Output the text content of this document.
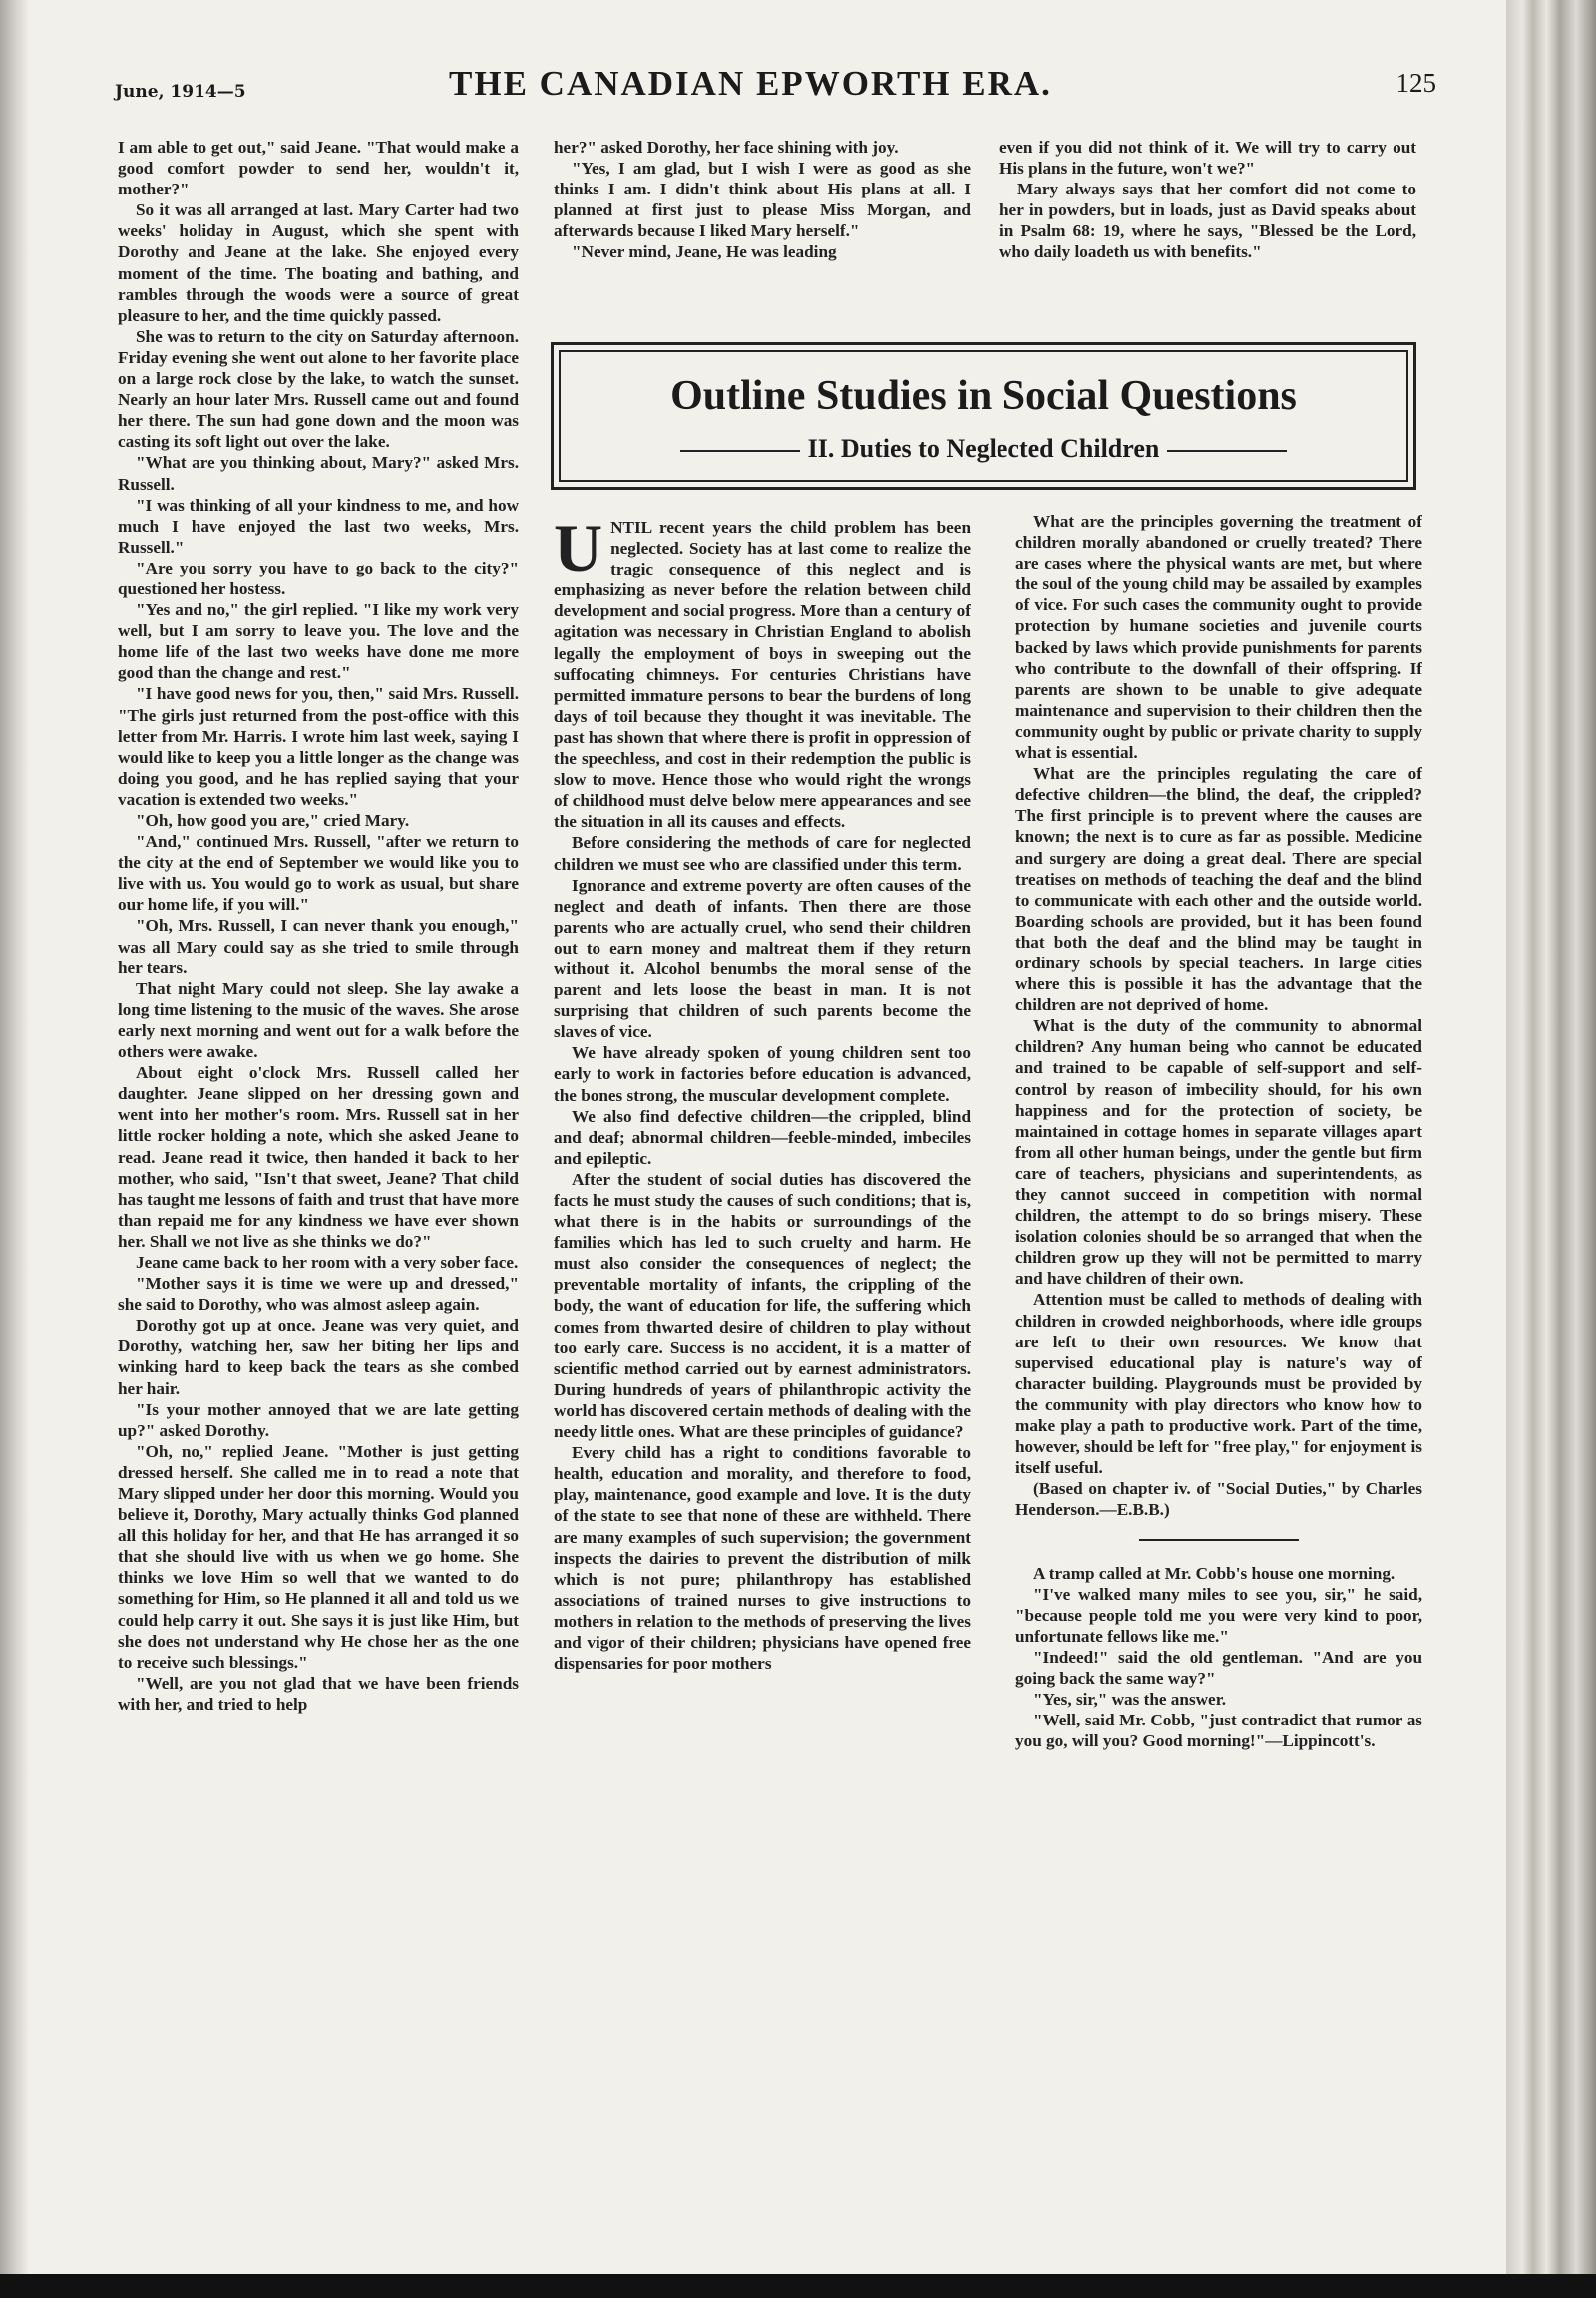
June, 1914—5	THE CANADIAN EPWORTH ERA.	125

I am able to get out," said Jeane. "That would make a good comfort powder to send her, wouldn't it, mother?"

So it was all arranged at last. Mary Carter had two weeks' holiday in August, which she spent with Dorothy and Jeane at the lake. She enjoyed every moment of the time. The boating and bathing, and rambles through the woods were a source of great pleasure to her, and the time quickly passed.

She was to return to the city on Saturday afternoon. Friday evening she went out alone to her favorite place on a large rock close by the lake, to watch the sunset. Nearly an hour later Mrs. Russell came out and found her there. The sun had gone down and the moon was casting its soft light out over the lake.

"What are you thinking about, Mary?" asked Mrs. Russell.

"I was thinking of all your kindness to me, and how much I have enjoyed the last two weeks, Mrs. Russell."

"Are you sorry you have to go back to the city?" questioned her hostess.

"Yes and no," the girl replied. "I like my work very well, but I am sorry to leave you. The love and the home life of the last two weeks have done me more good than the change and rest."

"I have good news for you, then," said Mrs. Russell. "The girls just returned from the post-office with this letter from Mr. Harris. I wrote him last week, saying I would like to keep you a little longer as the change was doing you good, and he has replied saying that your vacation is extended two weeks."

"Oh, how good you are," cried Mary.

"And," continued Mrs. Russell, "after we return to the city at the end of September we would like you to live with us. You would go to work as usual, but share our home life, if you will."

"Oh, Mrs. Russell, I can never thank you enough," was all Mary could say as she tried to smile through her tears.

That night Mary could not sleep. She lay awake a long time listening to the music of the waves. She arose early next morning and went out for a walk before the others were awake.

About eight o'clock Mrs. Russell called her daughter. Jeane slipped on her dressing gown and went into her mother's room. Mrs. Russell sat in her little rocker holding a note, which she asked Jeane to read. Jeane read it twice, then handed it back to her mother, who said, "Isn't that sweet, Jeane? That child has taught me lessons of faith and trust that have more than repaid me for any kindness we have ever shown her. Shall we not live as she thinks we do?"

Jeane came back to her room with a very sober face.

"Mother says it is time we were up and dressed," she said to Dorothy, who was almost asleep again.

Dorothy got up at once. Jeane was very quiet, and Dorothy, watching her, saw her biting her lips and winking hard to keep back the tears as she combed her hair.

"Is your mother annoyed that we are late getting up?" asked Dorothy.

"Oh, no," replied Jeane. "Mother is just getting dressed herself. She called me in to read a note that Mary slipped under her door this morning. Would you believe it, Dorothy, Mary actually thinks God planned all this holiday for her, and that He has arranged it so that she should live with us when we go home. She thinks we love Him so well that we wanted to do something for Him, so He planned it all and told us we could help carry it out. She says it is just like Him, but she does not understand why He chose her as the one to receive such blessings."

"Well, are you not glad that we have been friends with her, and tried to help

her?" asked Dorothy, her face shining with joy.

"Yes, I am glad, but I wish I were as good as she thinks I am. I didn't think about His plans at all. I planned at first just to please Miss Morgan, and afterwards because I liked Mary herself."

"Never mind, Jeane, He was leading

even if you did not think of it. We will try to carry out His plans in the future, won't we?"

Mary always says that her comfort did not come to her in powders, but in loads, just as David speaks about in Psalm 68: 19, where he says, "Blessed be the Lord, who daily loadeth us with benefits."

Outline Studies in Social Questions
II. Duties to Neglected Children

UNTIL recent years the child problem has been neglected. Society has at last come to realize the tragic consequence of this neglect and is emphasizing as never before the relation between child development and social progress. More than a century of agitation was necessary in Christian England to abolish legally the employment of boys in sweeping out the suffocating chimneys. For centuries Christians have permitted immature persons to bear the burdens of long days of toil because they thought it was inevitable. The past has shown that where there is profit in oppression of the speechless, and cost in their redemption the public is slow to move. Hence those who would right the wrongs of childhood must delve below mere appearances and see the situation in all its causes and effects.

Before considering the methods of care for neglected children we must see who are classified under this term.

Ignorance and extreme poverty are often causes of the neglect and death of infants. Then there are those parents who are actually cruel, who send their children out to earn money and maltreat them if they return without it. Alcohol benumbs the moral sense of the parent and lets loose the beast in man. It is not surprising that children of such parents become the slaves of vice.

We have already spoken of young children sent too early to work in factories before education is advanced, the bones strong, the muscular development complete.

We also find defective children—the crippled, blind and deaf; abnormal children—feeble-minded, imbeciles and epileptic.

After the student of social duties has discovered the facts he must study the causes of such conditions; that is, what there is in the habits or surroundings of the families which has led to such cruelty and harm. He must also consider the consequences of neglect; the preventable mortality of infants, the crippling of the body, the want of education for life, the suffering which comes from thwarted desire of children to play without too early care. Success is no accident, it is a matter of scientific method carried out by earnest administrators. During hundreds of years of philanthropic activity the world has discovered certain methods of dealing with the needy little ones. What are these principles of guidance?

Every child has a right to conditions favorable to health, education and morality, and therefore to food, play, maintenance, good example and love. It is the duty of the state to see that none of these are withheld. There are many examples of such supervision; the government inspects the dairies to prevent the distribution of milk which is not pure; philanthropy has established associations of trained nurses to give instructions to mothers in relation to the methods of preserving the lives and vigor of their children; physicians have opened free dispensaries for poor mothers

What are the principles governing the treatment of children morally abandoned or cruelly treated? There are cases where the physical wants are met, but where the soul of the young child may be assailed by examples of vice. For such cases the community ought to provide protection by humane societies and juvenile courts backed by laws which provide punishments for parents who contribute to the downfall of their offspring. If parents are shown to be unable to give adequate maintenance and supervision to their children then the community ought by public or private charity to supply what is essential.

What are the principles regulating the care of defective children—the blind, the deaf, the crippled? The first principle is to prevent where the causes are known; the next is to cure as far as possible. Medicine and surgery are doing a great deal. There are special treatises on methods of teaching the deaf and the blind to communicate with each other and the outside world. Boarding schools are provided, but it has been found that both the deaf and the blind may be taught in ordinary schools by special teachers. In large cities where this is possible it has the advantage that the children are not deprived of home.

What is the duty of the community to abnormal children? Any human being who cannot be educated and trained to be capable of self-support and self-control by reason of imbecility should, for his own happiness and for the protection of society, be maintained in cottage homes in separate villages apart from all other human beings, under the gentle but firm care of teachers, physicians and superintendents, as they cannot succeed in competition with normal children, the attempt to do so brings misery. These isolation colonies should be so arranged that when the children grow up they will not be permitted to marry and have children of their own.

Attention must be called to methods of dealing with children in crowded neighborhoods, where idle groups are left to their own resources. We know that supervised educational play is nature's way of character building. Playgrounds must be provided by the community with play directors who know how to make play a path to productive work. Part of the time, however, should be left for "free play," for enjoyment is itself useful.

(Based on chapter iv. of "Social Duties," by Charles Henderson.—E.B.B.)

A tramp called at Mr. Cobb's house one morning.

"I've walked many miles to see you, sir," he said, "because people told me you were very kind to poor, unfortunate fellows like me."

"Indeed!" said the old gentleman. "And are you going back the same way?"

"Yes, sir," was the answer.

"Well, said Mr. Cobb, "just contradict that rumor as you go, will you? Good morning!"—Lippincott's.
